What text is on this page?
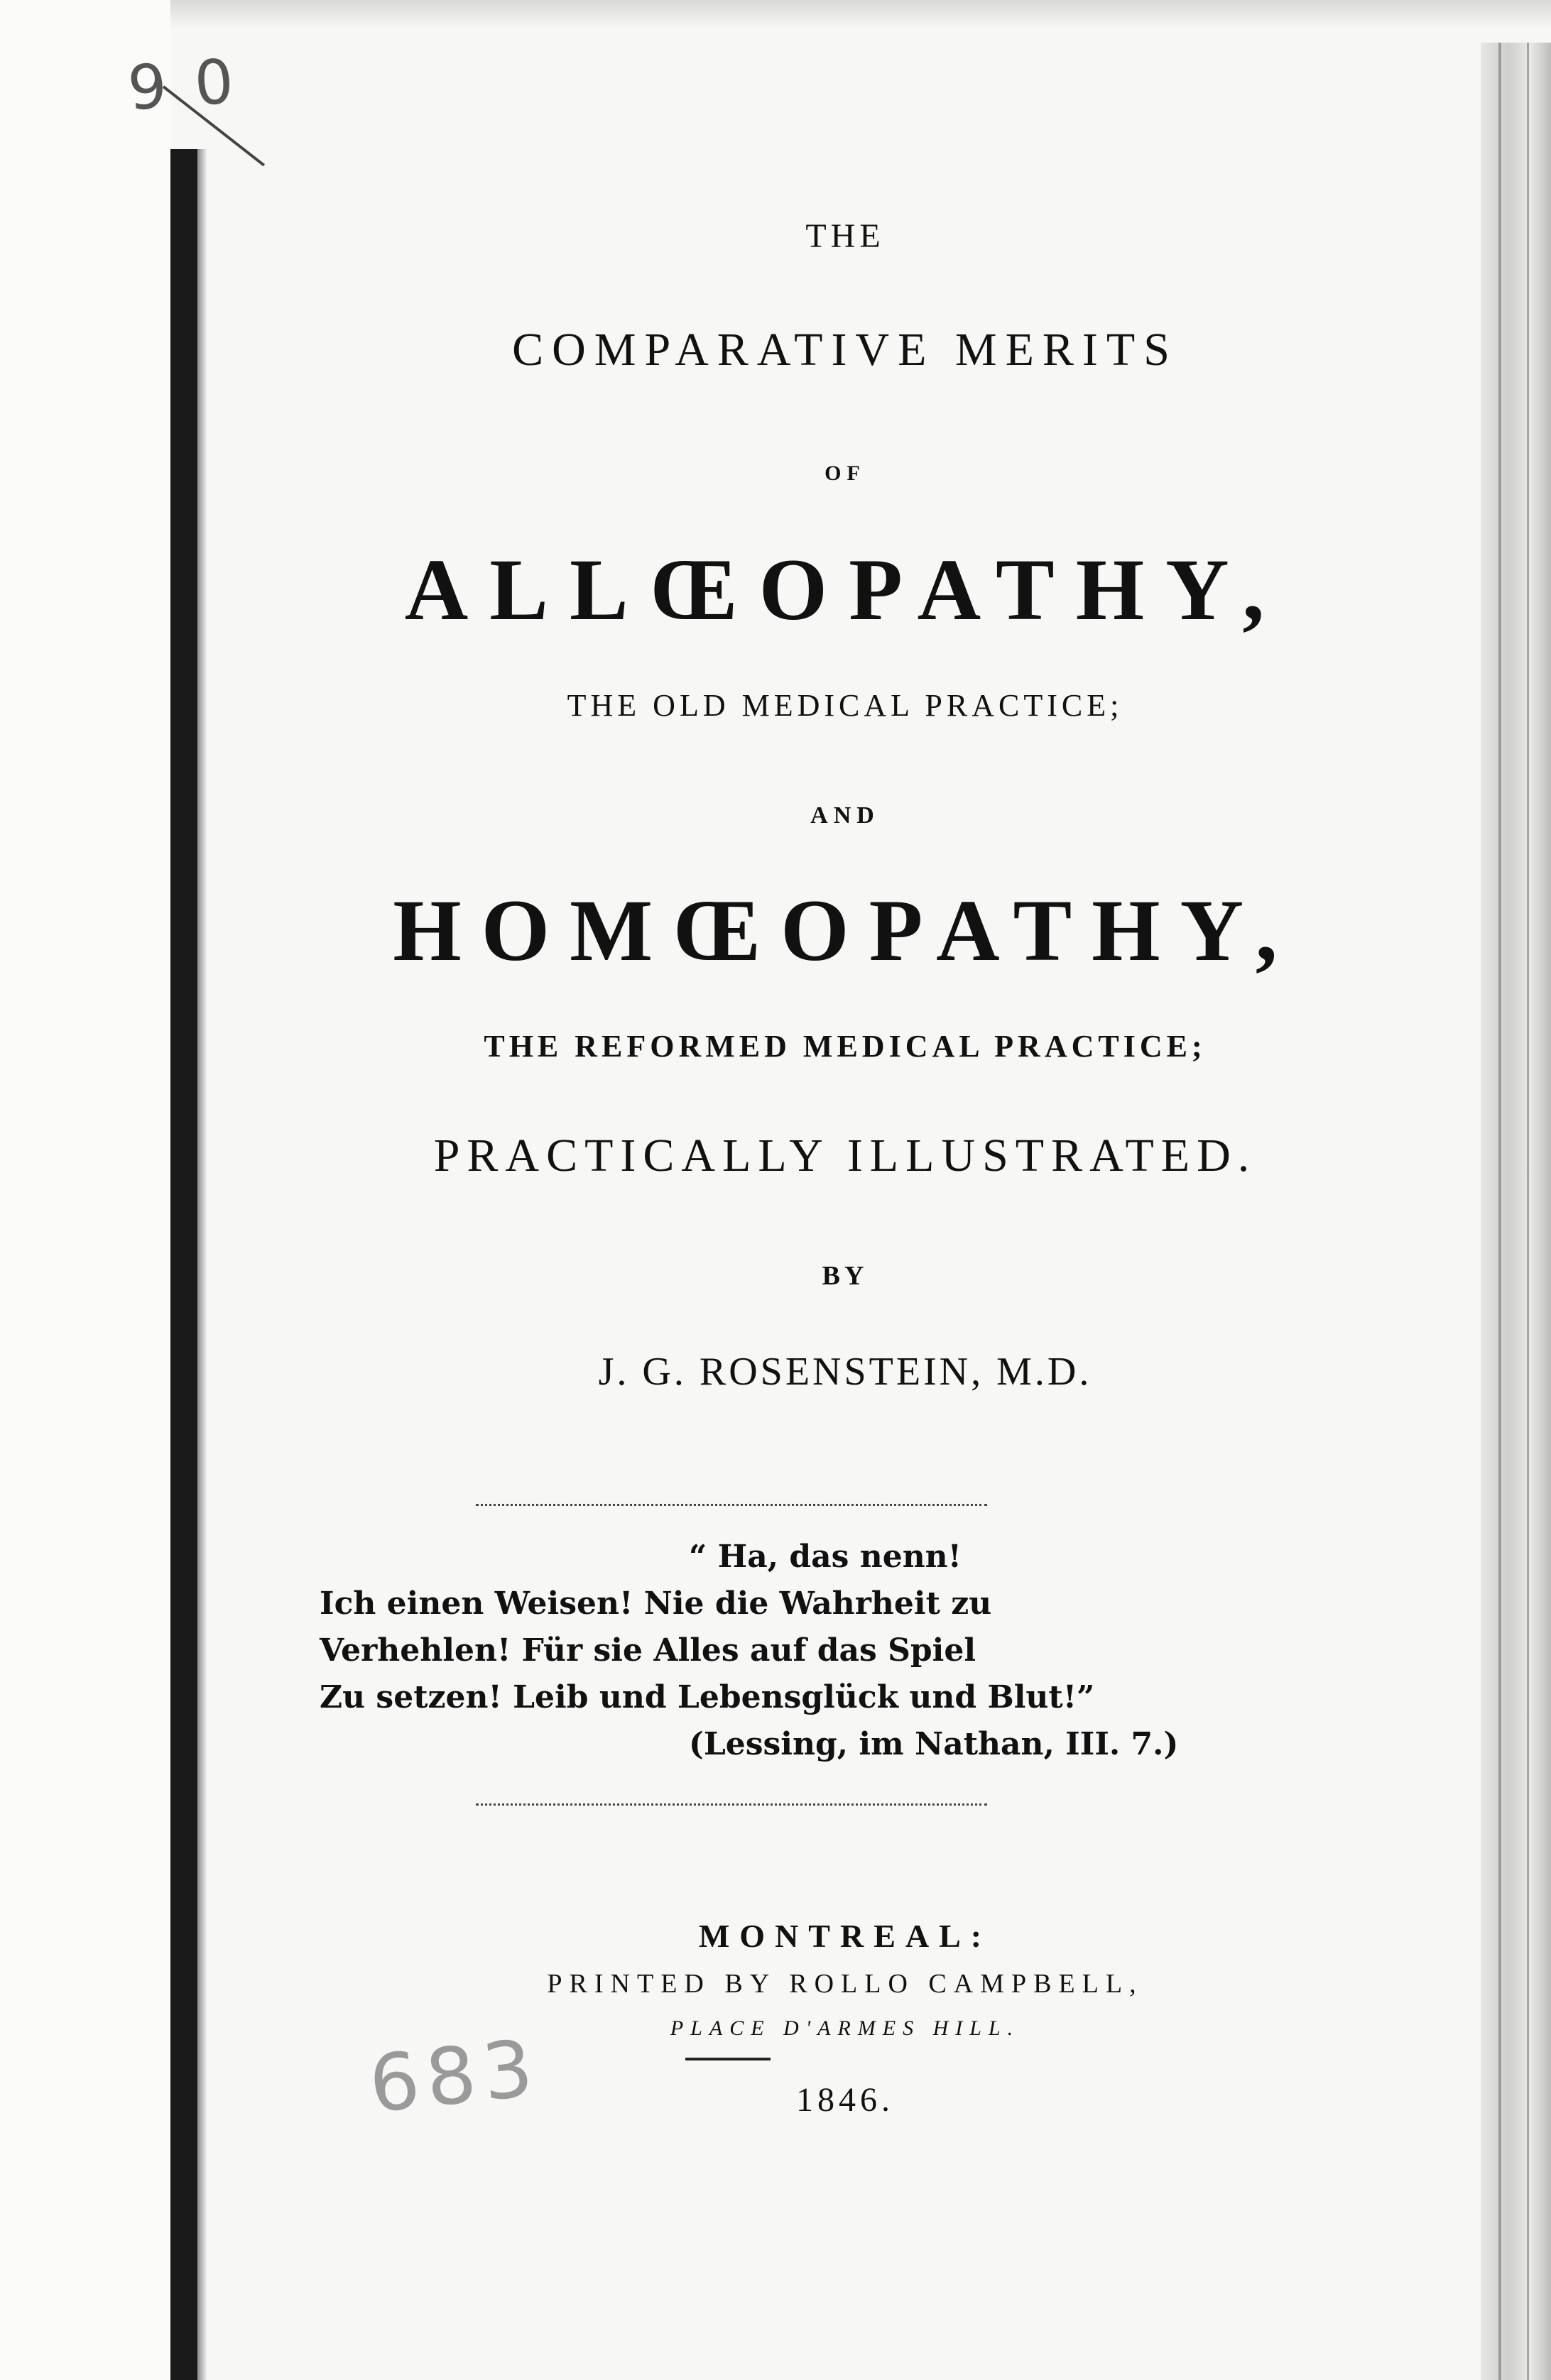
9 0
THE
COMPARATIVE MERITS
OF
ALLŒOPATHY,
THE OLD MEDICAL PRACTICE;
AND
HOMŒOPATHY,
THE REFORMED MEDICAL PRACTICE;
PRACTICALLY ILLUSTRATED.
BY
J. G. ROSENSTEIN, M.D.
“ Ha, das nenn!
Ich einen Weisen! Nie die Wahrheit zu
Verhehlen! Für sie Alles auf das Spiel
Zu setzen! Leib und Lebensglück und Blut!”
(Lessing, im Nathan, III. 7.)
MONTREAL:
PRINTED BY ROLLO CAMPBELL,
PLACE D'ARMES HILL.
1846.
683
